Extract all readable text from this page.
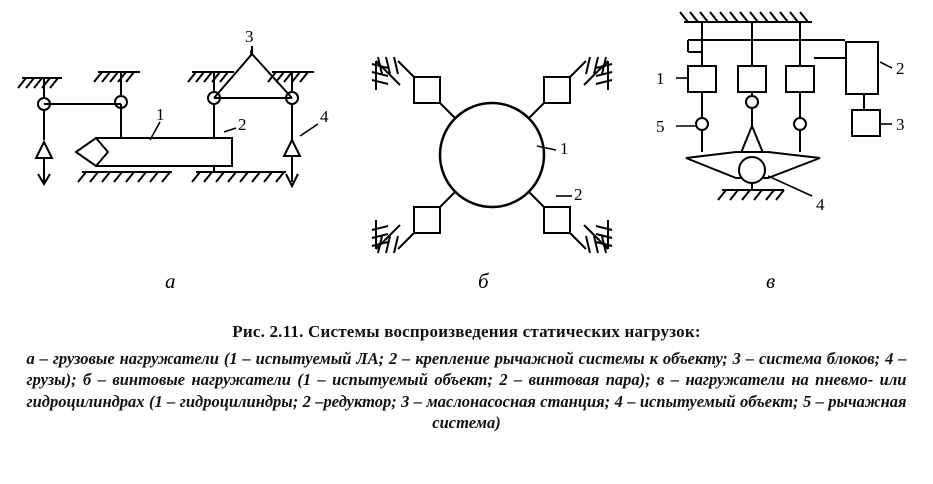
1
2
3
4
а
1
2
б
1
2
3
4
5
в

Рис. 2.11. Системы воспроизведения статических нагрузок:

а – грузовые нагружатели (1 – испытуемый ЛА; 2 – крепление рычажной системы к объекту; 3 – система блоков; 4 – грузы); б – винтовые нагружатели (1 – испытуемый объект; 2 – винтовая пара); в – нагружатели на пневмо- или гидроцилиндрах (1 – гидроцилиндры; 2 –редуктор; 3 – маслонасосная станция; 4 – испытуемый объект; 5 – рычажная система)
